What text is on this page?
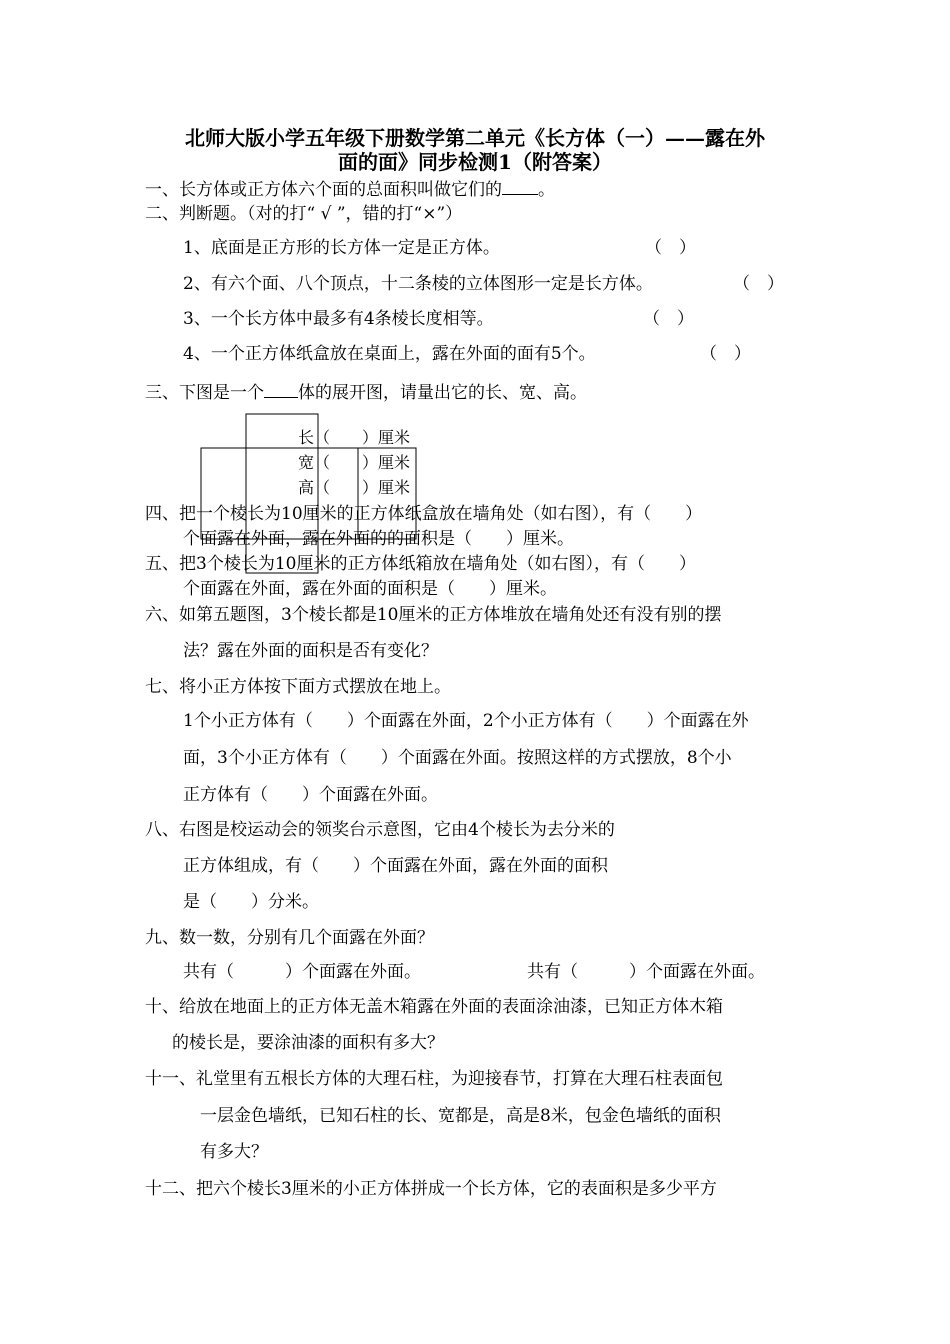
北师大版小学五年级下册数学第二单元《长方体（一）——露在外
面的面》同步检测1（附答案）
一、长方体或正方体六个面的总面积叫做它们的 。
二、判断题。（对的打“ √ ”，错的打“×”）
1、底面是正方形的长方体一定是正方体。	（　）
2、有六个面、八个顶点，十二条棱的立体图形一定是长方体。	（　）
3、一个长方体中最多有4条棱长度相等。	（　）
4、一个正方体纸盒放在桌面上，露在外面的面有5个。	（　）
三、下图是一个 体的展开图，请量出它的长、宽、高。
长（　　）厘米
宽（　　）厘米
高（　　）厘米
四、把一个棱长为10厘米的正方体纸盒放在墙角处（如右图），有（　　）
个面露在外面，露在外面的的面积是（　　）厘米。
五、把3个棱长为10厘米的正方体纸箱放在墙角处（如右图），有（　　）
个面露在外面，露在外面的面积是（　　）厘米。
六、如第五题图，3个棱长都是10厘米的正方体堆放在墙角处还有没有别的摆
法？露在外面的面积是否有变化？
七、将小正方体按下面方式摆放在地上。
1个小正方体有（　　）个面露在外面，2个小正方体有（　　）个面露在外
面，3个小正方体有（　　）个面露在外面。按照这样的方式摆放，8个小
正方体有（　　）个面露在外面。
八、右图是校运动会的领奖台示意图，它由4个棱长为去分米的
正方体组成，有（　　）个面露在外面，露在外面的面积
是（　　）分米。
九、数一数，分别有几个面露在外面？
共有（　　　）个面露在外面。	共有（　　　）个面露在外面。
十、给放在地面上的正方体无盖木箱露在外面的表面涂油漆，已知正方体木箱
的棱长是，要涂油漆的面积有多大？
十一、礼堂里有五根长方体的大理石柱，为迎接春节，打算在大理石柱表面包
一层金色墙纸，已知石柱的长、宽都是，高是8米，包金色墙纸的面积
有多大？
十二、把六个棱长3厘米的小正方体拼成一个长方体，它的表面积是多少平方
